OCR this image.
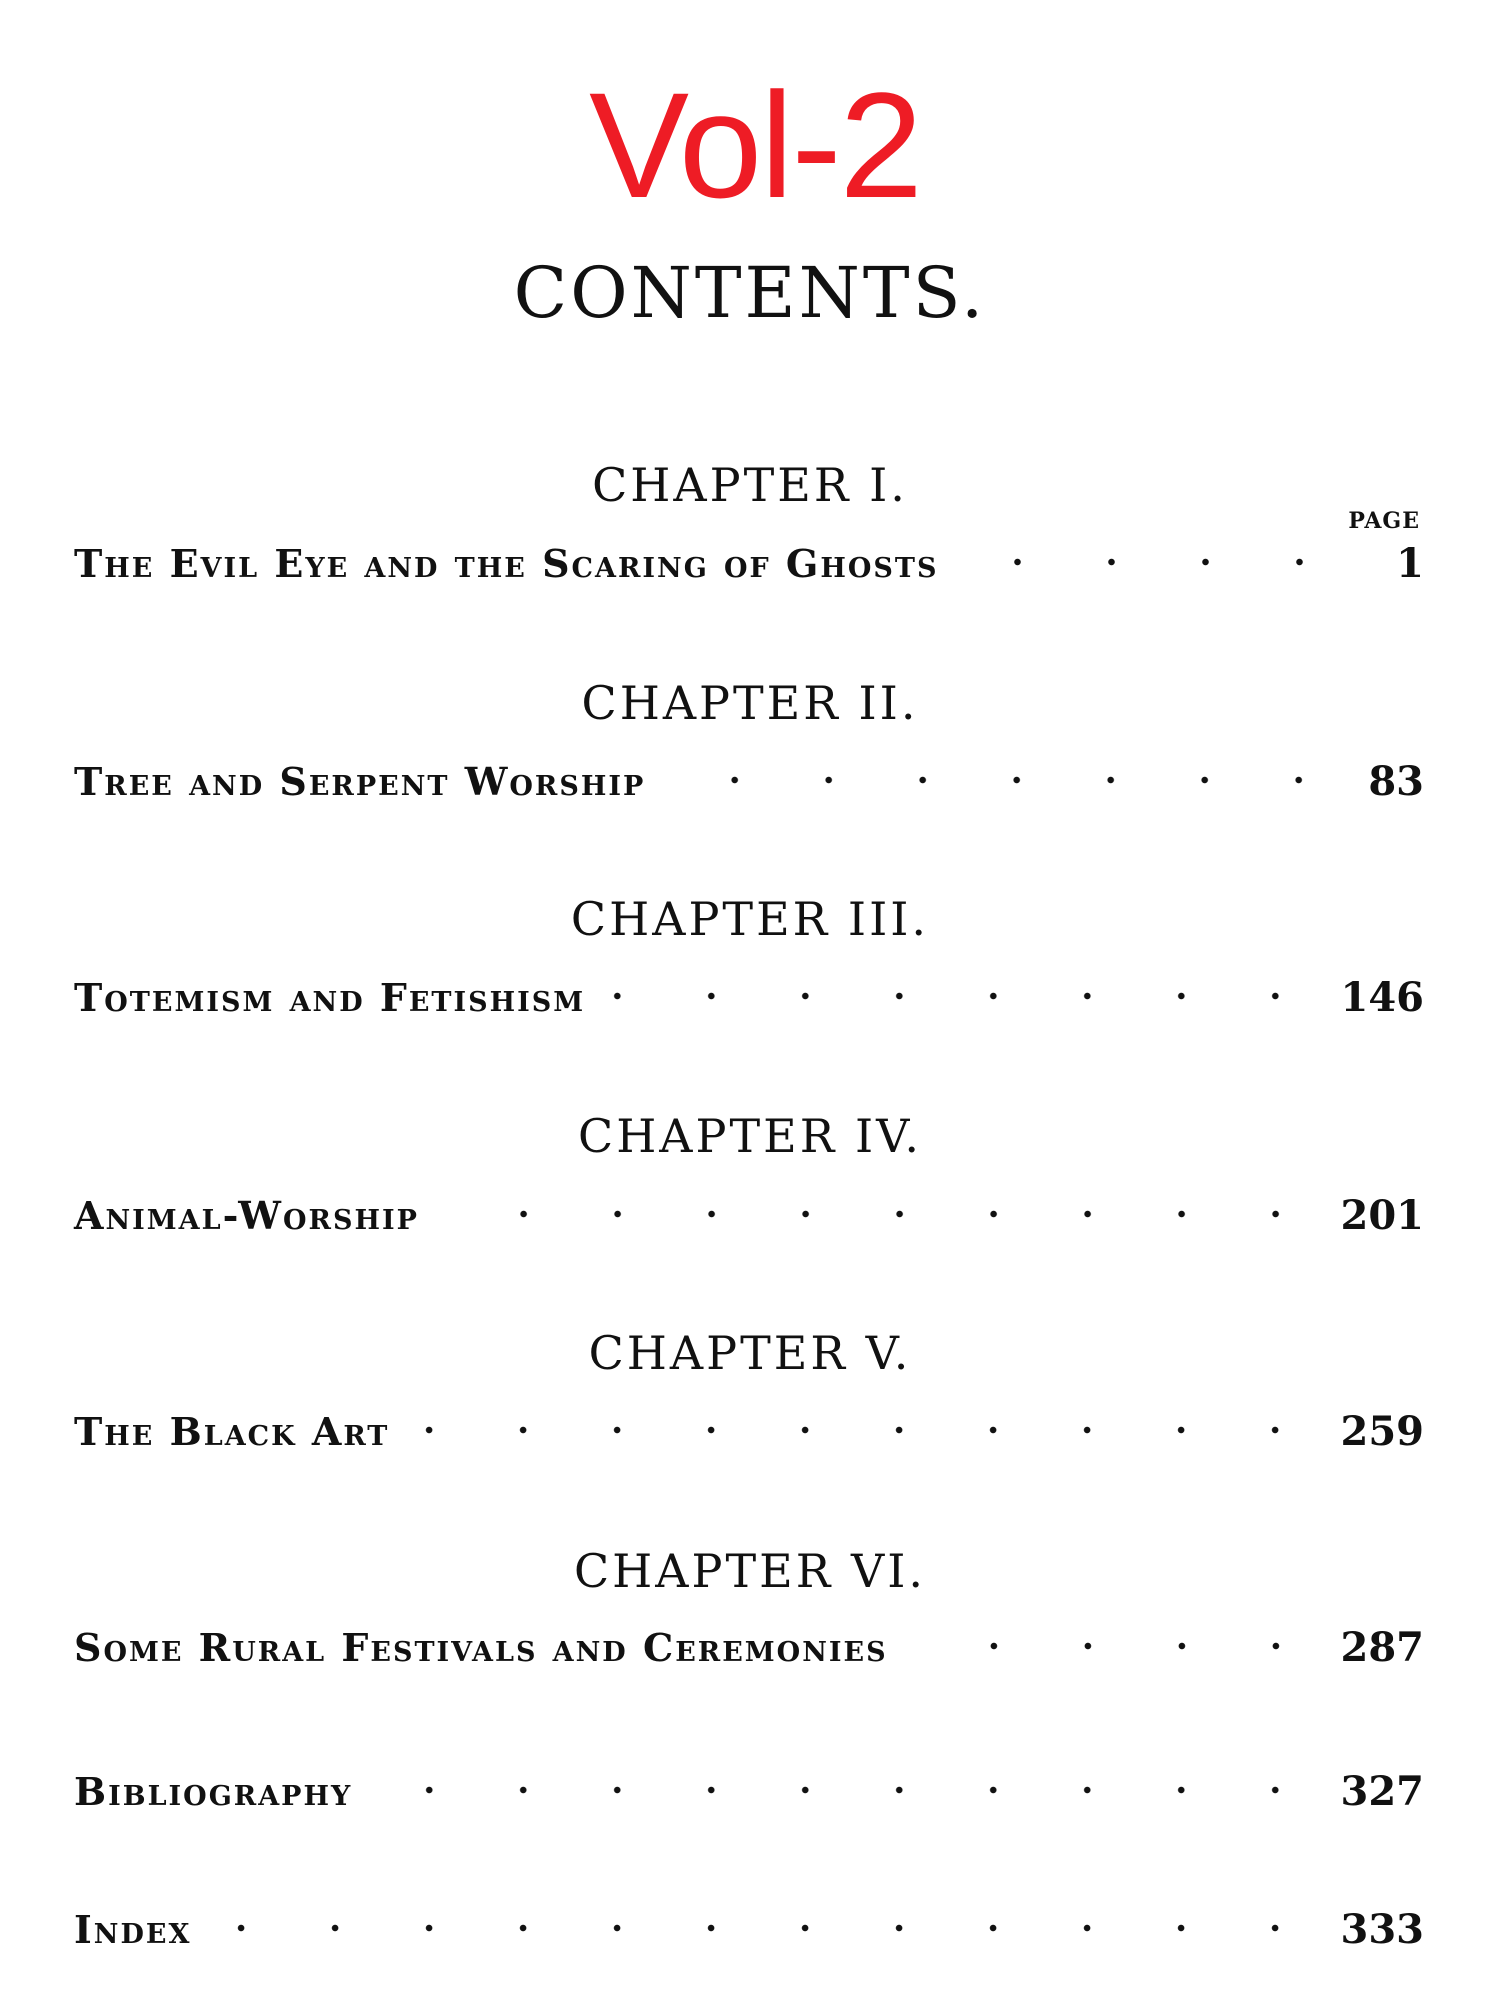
Vol-2
CONTENTS.
PAGE
CHAPTER I.
The Evil Eye and the Scaring of Ghosts	1
CHAPTER II.
Tree and Serpent Worship	83
CHAPTER III.
Totemism and Fetishism	146
CHAPTER IV.
Animal-Worship	201
CHAPTER V.
The Black Art	259
CHAPTER VI.
Some Rural Festivals and Ceremonies	287
Bibliography	327
Index	333
